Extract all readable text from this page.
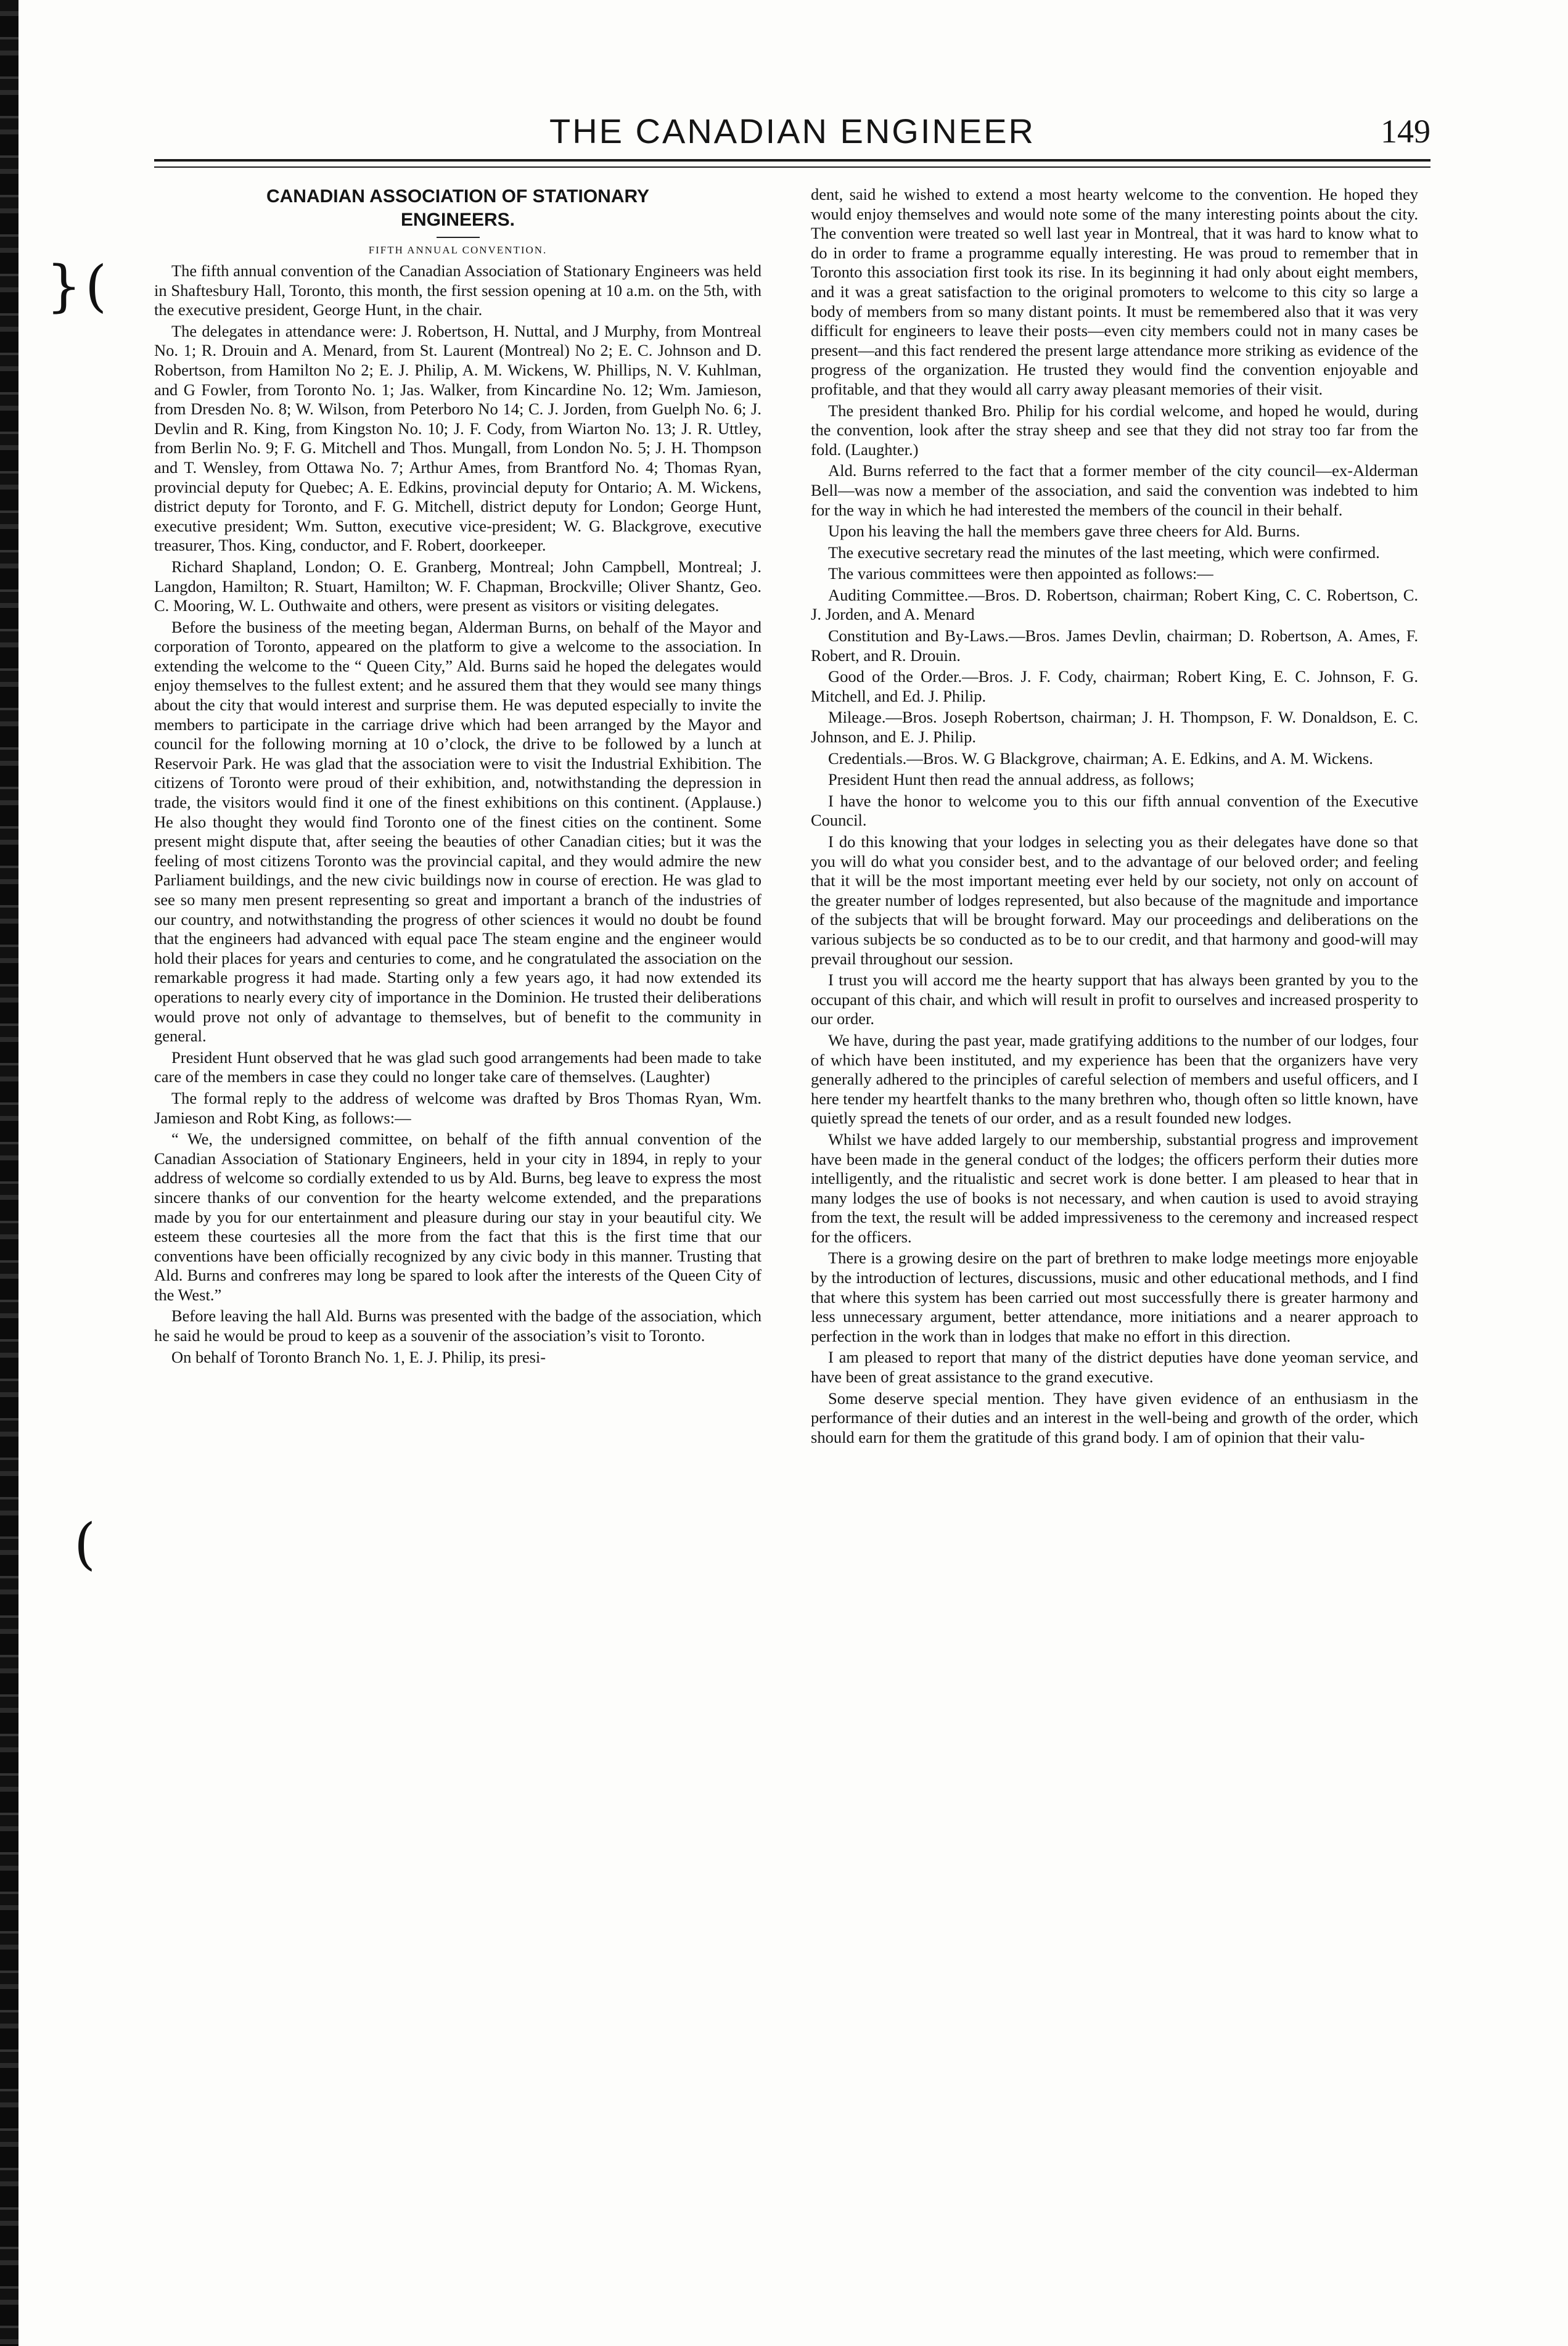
} (
(
THE CANADIAN ENGINEER	149
CANADIAN ASSOCIATION OF STATIONARY
ENGINEERS.
FIFTH ANNUAL CONVENTION.

The fifth annual convention of the Canadian Association of Stationary Engineers was held in Shaftesbury Hall, Toronto, this month, the first session opening at 10 a.m. on the 5th, with the executive president, George Hunt, in the chair.

The delegates in attendance were: J. Robertson, H. Nuttal, and J Murphy, from Montreal No. 1; R. Drouin and A. Menard, from St. Laurent (Montreal) No 2; E. C. Johnson and D. Robertson, from Hamilton No 2; E. J. Philip, A. M. Wickens, W. Phillips, N. V. Kuhlman, and G Fowler, from Toronto No. 1; Jas. Walker, from Kincardine No. 12; Wm. Jamieson, from Dresden No. 8; W. Wilson, from Peterboro No 14; C. J. Jorden, from Guelph No. 6; J. Devlin and R. King, from Kingston No. 10; J. F. Cody, from Wiarton No. 13; J. R. Uttley, from Berlin No. 9; F. G. Mitchell and Thos. Mungall, from London No. 5; J. H. Thompson and T. Wensley, from Ottawa No. 7; Arthur Ames, from Brantford No. 4; Thomas Ryan, provincial deputy for Quebec; A. E. Edkins, provincial deputy for Ontario; A. M. Wickens, district deputy for Toronto, and F. G. Mitchell, district deputy for London; George Hunt, executive president; Wm. Sutton, executive vice-president; W. G. Blackgrove, executive treasurer, Thos. King, conductor, and F. Robert, doorkeeper.

Richard Shapland, London; O. E. Granberg, Montreal; John Campbell, Montreal; J. Langdon, Hamilton; R. Stuart, Hamilton; W. F. Chapman, Brockville; Oliver Shantz, Geo. C. Mooring, W. L. Outhwaite and others, were present as visitors or visiting delegates.

Before the business of the meeting began, Alderman Burns, on behalf of the Mayor and corporation of Toronto, appeared on the platform to give a welcome to the association. In extending the welcome to the “ Queen City,” Ald. Burns said he hoped the delegates would enjoy themselves to the fullest extent; and he assured them that they would see many things about the city that would interest and surprise them. He was deputed especially to invite the members to participate in the carriage drive which had been arranged by the Mayor and council for the following morning at 10 o’clock, the drive to be followed by a lunch at Reservoir Park. He was glad that the association were to visit the Industrial Exhibition. The citizens of Toronto were proud of their exhibition, and, notwithstanding the depression in trade, the visitors would find it one of the finest exhibitions on this continent. (Applause.) He also thought they would find Toronto one of the finest cities on the continent. Some present might dispute that, after seeing the beauties of other Canadian cities; but it was the feeling of most citizens Toronto was the provincial capital, and they would admire the new Parliament buildings, and the new civic buildings now in course of erection. He was glad to see so many men present representing so great and important a branch of the industries of our country, and notwithstanding the progress of other sciences it would no doubt be found that the engineers had advanced with equal pace The steam engine and the engineer would hold their places for years and centuries to come, and he congratulated the association on the remarkable progress it had made. Starting only a few years ago, it had now extended its operations to nearly every city of importance in the Dominion. He trusted their deliberations would prove not only of advantage to themselves, but of benefit to the community in general.

President Hunt observed that he was glad such good arrangements had been made to take care of the members in case they could no longer take care of themselves. (Laughter)

The formal reply to the address of welcome was drafted by Bros Thomas Ryan, Wm. Jamieson and Robt King, as follows:—

“ We, the undersigned committee, on behalf of the fifth annual convention of the Canadian Association of Stationary Engineers, held in your city in 1894, in reply to your address of welcome so cordially extended to us by Ald. Burns, beg leave to express the most sincere thanks of our convention for the hearty welcome extended, and the preparations made by you for our entertainment and pleasure during our stay in your beautiful city. We esteem these courtesies all the more from the fact that this is the first time that our conventions have been officially recognized by any civic body in this manner. Trusting that Ald. Burns and confreres may long be spared to look after the interests of the Queen City of the West.”

Before leaving the hall Ald. Burns was presented with the badge of the association, which he said he would be proud to keep as a souvenir of the association’s visit to Toronto.

On behalf of Toronto Branch No. 1, E. J. Philip, its presi-

dent, said he wished to extend a most hearty welcome to the convention. He hoped they would enjoy themselves and would note some of the many interesting points about the city. The convention were treated so well last year in Montreal, that it was hard to know what to do in order to frame a programme equally interesting. He was proud to remember that in Toronto this association first took its rise. In its beginning it had only about eight members, and it was a great satisfaction to the original promoters to welcome to this city so large a body of members from so many distant points. It must be remembered also that it was very difficult for engineers to leave their posts—even city members could not in many cases be present—and this fact rendered the present large attendance more striking as evidence of the progress of the organization. He trusted they would find the convention enjoyable and profitable, and that they would all carry away pleasant memories of their visit.

The president thanked Bro. Philip for his cordial welcome, and hoped he would, during the convention, look after the stray sheep and see that they did not stray too far from the fold. (Laughter.)

Ald. Burns referred to the fact that a former member of the city council—ex-Alderman Bell—was now a member of the association, and said the convention was indebted to him for the way in which he had interested the members of the council in their behalf.

Upon his leaving the hall the members gave three cheers for Ald. Burns.

The executive secretary read the minutes of the last meeting, which were confirmed.

The various committees were then appointed as follows:—

Auditing Committee.—Bros. D. Robertson, chairman; Robert King, C. C. Robertson, C. J. Jorden, and A. Menard

Constitution and By-Laws.—Bros. James Devlin, chairman; D. Robertson, A. Ames, F. Robert, and R. Drouin.

Good of the Order.—Bros. J. F. Cody, chairman; Robert King, E. C. Johnson, F. G. Mitchell, and Ed. J. Philip.

Mileage.—Bros. Joseph Robertson, chairman; J. H. Thompson, F. W. Donaldson, E. C. Johnson, and E. J. Philip.

Credentials.—Bros. W. G Blackgrove, chairman; A. E. Edkins, and A. M. Wickens.

President Hunt then read the annual address, as follows;

I have the honor to welcome you to this our fifth annual convention of the Executive Council.

I do this knowing that your lodges in selecting you as their delegates have done so that you will do what you consider best, and to the advantage of our beloved order; and feeling that it will be the most important meeting ever held by our society, not only on account of the greater number of lodges represented, but also because of the magnitude and importance of the subjects that will be brought forward. May our proceedings and deliberations on the various subjects be so conducted as to be to our credit, and that harmony and good-will may prevail throughout our session.

I trust you will accord me the hearty support that has always been granted by you to the occupant of this chair, and which will result in profit to ourselves and increased prosperity to our order.

We have, during the past year, made gratifying additions to the number of our lodges, four of which have been instituted, and my experience has been that the organizers have very generally adhered to the principles of careful selection of members and useful officers, and I here tender my heartfelt thanks to the many brethren who, though often so little known, have quietly spread the tenets of our order, and as a result founded new lodges.

Whilst we have added largely to our membership, substantial progress and improvement have been made in the general conduct of the lodges; the officers perform their duties more intelligently, and the ritualistic and secret work is done better. I am pleased to hear that in many lodges the use of books is not necessary, and when caution is used to avoid straying from the text, the result will be added impressiveness to the ceremony and increased respect for the officers.

There is a growing desire on the part of brethren to make lodge meetings more enjoyable by the introduction of lectures, discussions, music and other educational methods, and I find that where this system has been carried out most successfully there is greater harmony and less unnecessary argument, better attendance, more initiations and a nearer approach to perfection in the work than in lodges that make no effort in this direction.

I am pleased to report that many of the district deputies have done yeoman service, and have been of great assistance to the grand executive.

Some deserve special mention. They have given evidence of an enthusiasm in the performance of their duties and an interest in the well-being and growth of the order, which should earn for them the gratitude of this grand body. I am of opinion that their valu-
